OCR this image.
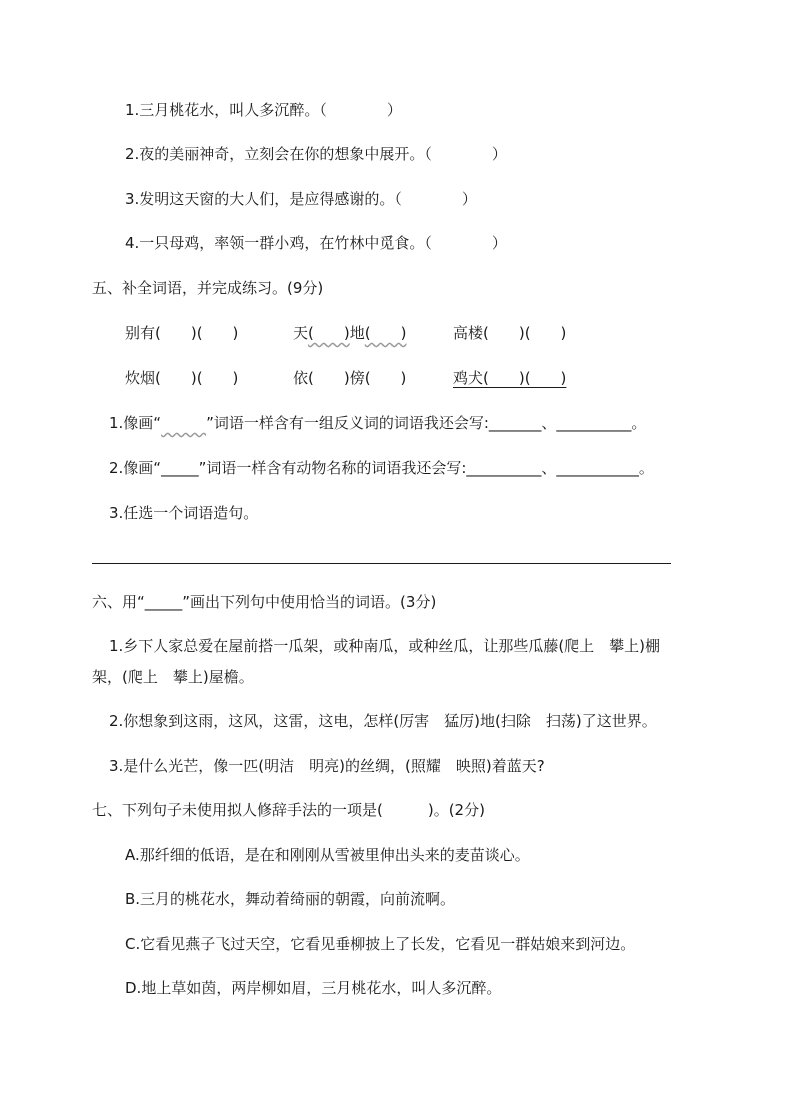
1.三月桃花水，叫人多沉醉。（　　　　）
2.夜的美丽神奇，立刻会在你的想象中展开。（　　　　）
3.发明这天窗的大人们，是应得感谢的。（　　　　）
4.一只母鸡，率领一群小鸡，在竹林中觅食。（　　　　）
五、补全词语，并完成练习。(9分)
别有(　　)(　　)	天(　　)地(　　)	高楼(　　)(　　)
炊烟(　　)(　　)	依(　　)傍(　　)	鸡犬(　　)(　　)
1.像画“　　　	”词语一样含有一组反义词的词语我还会写:_______、__________。
2.像画“_____”词语一样含有动物名称的词语我还会写:__________、___________。
3.任选一个词语造句。
六、用“_____”画出下列句中使用恰当的词语。(3分)
1.乡下人家总爱在屋前搭一瓜架，或种南瓜，或种丝瓜，让那些瓜藤(爬上　攀上)棚
架，(爬上　攀上)屋檐。
2.你想象到这雨，这风，这雷，这电，怎样(厉害　猛厉)地(扫除　扫荡)了这世界。
3.是什么光芒，像一匹(明洁　明亮)的丝绸，(照耀　映照)着蓝天?
七、下列句子未使用拟人修辞手法的一项是(　　　)。(2分)
A.那纤细的低语，是在和刚刚从雪被里伸出头来的麦苗谈心。
B.三月的桃花水，舞动着绮丽的朝霞，向前流啊。
C.它看见燕子飞过天空，它看见垂柳披上了长发，它看见一群姑娘来到河边。
D.地上草如茵，两岸柳如眉，三月桃花水，叫人多沉醉。
